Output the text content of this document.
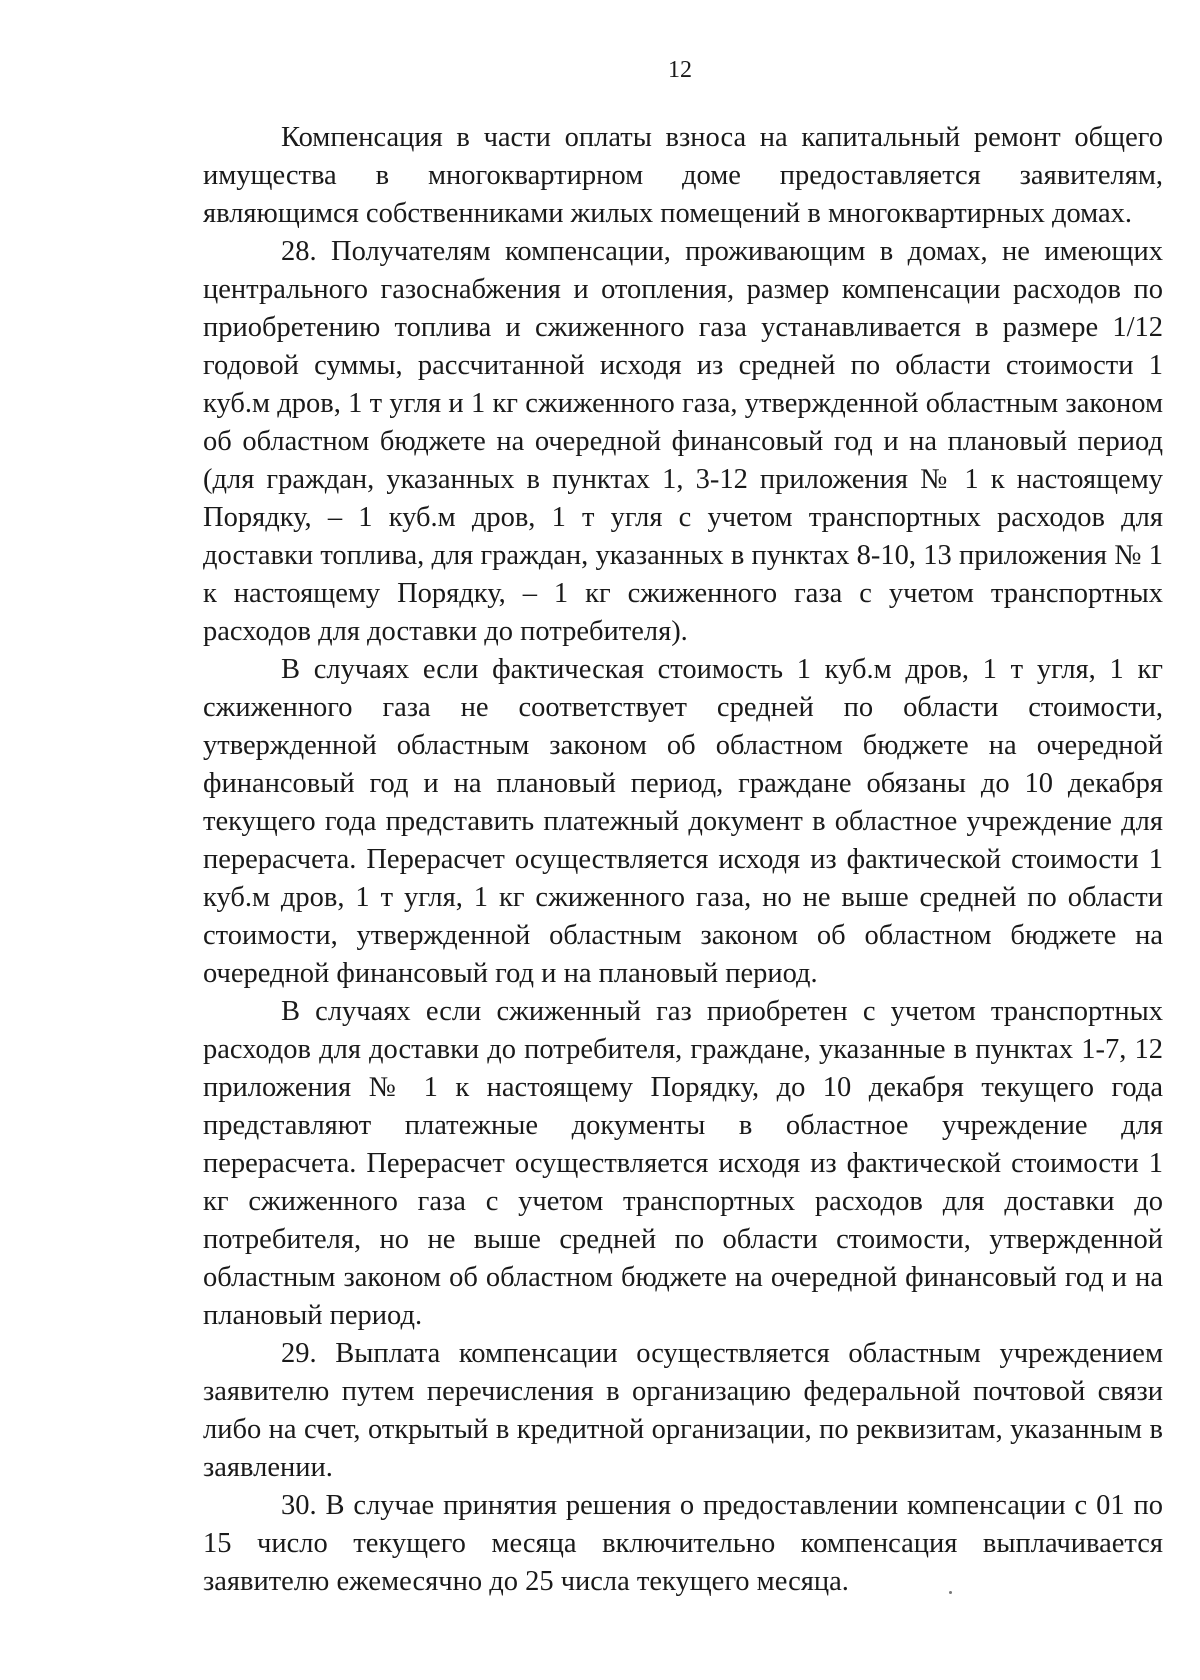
12

Компенсация в части оплаты взноса на капитальный ремонт общего имущества в многоквартирном доме предоставляется заявителям, являющимся собственниками жилых помещений в многоквартирных домах.

28. Получателям компенсации, проживающим в домах, не имеющих центрального газоснабжения и отопления, размер компенсации расходов по приобретению топлива и сжиженного газа устанавливается в размере 1/12 годовой суммы, рассчитанной исходя из средней по области стоимости 1 куб.м дров, 1 т угля и 1 кг сжиженного газа, утвержденной областным законом об областном бюджете на очередной финансовый год и на плановый период (для граждан, указанных в пунктах 1, 3-12 приложения № 1 к настоящему Порядку, – 1 куб.м дров, 1 т угля с учетом транспортных расходов для доставки топлива, для граждан, указанных в пунктах 8-10, 13 приложения № 1 к настоящему Порядку, – 1 кг сжиженного газа с учетом транспортных расходов для доставки до потребителя).

В случаях если фактическая стоимость 1 куб.м дров, 1 т угля, 1 кг сжиженного газа не соответствует средней по области стоимости, утвержденной областным законом об областном бюджете на очередной финансовый год и на плановый период, граждане обязаны до 10 декабря текущего года представить платежный документ в областное учреждение для перерасчета. Перерасчет осуществляется исходя из фактической стоимости 1 куб.м дров, 1 т угля, 1 кг сжиженного газа, но не выше средней по области стоимости, утвержденной областным законом об областном бюджете на очередной финансовый год и на плановый период.

В случаях если сжиженный газ приобретен с учетом транспортных расходов для доставки до потребителя, граждане, указанные в пунктах 1-7, 12 приложения № 1 к настоящему Порядку, до 10 декабря текущего года представляют платежные документы в областное учреждение для перерасчета. Перерасчет осуществляется исходя из фактической стоимости 1 кг сжиженного газа с учетом транспортных расходов для доставки до потребителя, но не выше средней по области стоимости, утвержденной областным законом об областном бюджете на очередной финансовый год и на плановый период.

29. Выплата компенсации осуществляется областным учреждением заявителю путем перечисления в организацию федеральной почтовой связи либо на счет, открытый в кредитной организации, по реквизитам, указанным в заявлении.

30. В случае принятия решения о предоставлении компенсации с 01 по 15 число текущего месяца включительно компенсация выплачивается заявителю ежемесячно до 25 числа текущего месяца.
